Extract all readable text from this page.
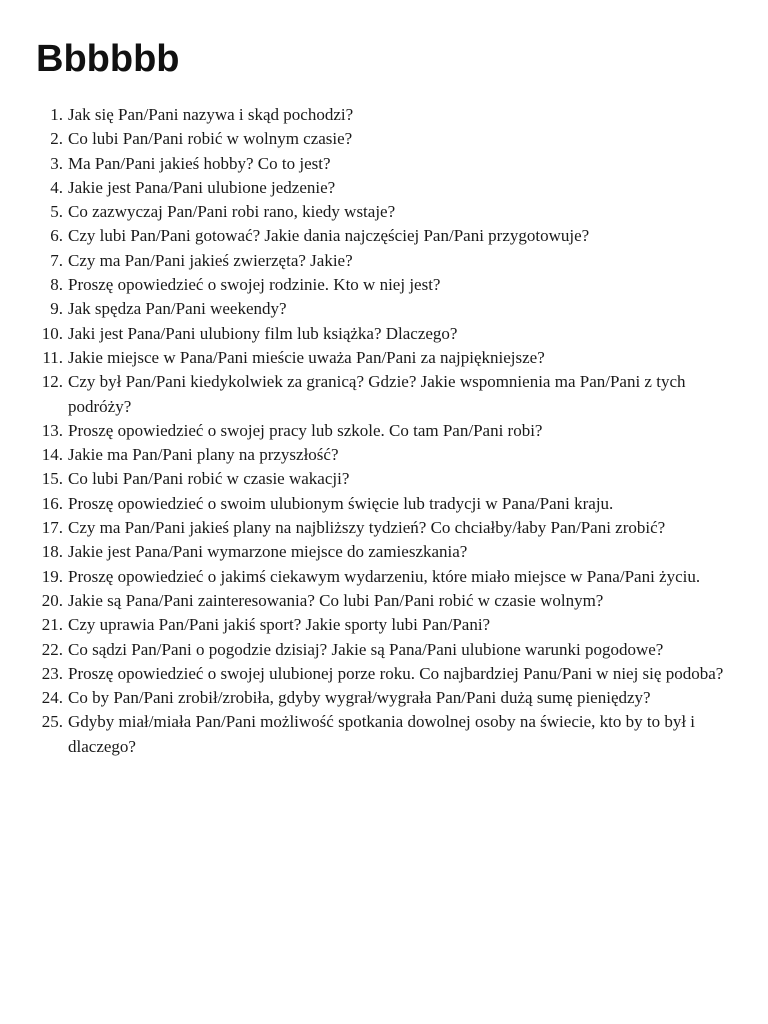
Bbbbbb
1. Jak się Pan/Pani nazywa i skąd pochodzi?
2. Co lubi Pan/Pani robić w wolnym czasie?
3. Ma Pan/Pani jakieś hobby? Co to jest?
4. Jakie jest Pana/Pani ulubione jedzenie?
5. Co zazwyczaj Pan/Pani robi rano, kiedy wstaje?
6. Czy lubi Pan/Pani gotować? Jakie dania najczęściej Pan/Pani przygotowuje?
7. Czy ma Pan/Pani jakieś zwierzęta? Jakie?
8. Proszę opowiedzieć o swojej rodzinie. Kto w niej jest?
9. Jak spędza Pan/Pani weekendy?
10. Jaki jest Pana/Pani ulubiony film lub książka? Dlaczego?
11. Jakie miejsce w Pana/Pani mieście uważa Pan/Pani za najpiękniejsze?
12. Czy był Pan/Pani kiedykolwiek za granicą? Gdzie? Jakie wspomnienia ma Pan/Pani z tych podróży?
13. Proszę opowiedzieć o swojej pracy lub szkole. Co tam Pan/Pani robi?
14. Jakie ma Pan/Pani plany na przyszłość?
15. Co lubi Pan/Pani robić w czasie wakacji?
16. Proszę opowiedzieć o swoim ulubionym święcie lub tradycji w Pana/Pani kraju.
17. Czy ma Pan/Pani jakieś plany na najbliższy tydzień? Co chciałby/łaby Pan/Pani zrobić?
18. Jakie jest Pana/Pani wymarzone miejsce do zamieszkania?
19. Proszę opowiedzieć o jakimś ciekawym wydarzeniu, które miało miejsce w Pana/Pani życiu.
20. Jakie są Pana/Pani zainteresowania? Co lubi Pan/Pani robić w czasie wolnym?
21. Czy uprawia Pan/Pani jakiś sport? Jakie sporty lubi Pan/Pani?
22. Co sądzi Pan/Pani o pogodzie dzisiaj? Jakie są Pana/Pani ulubione warunki pogodowe?
23. Proszę opowiedzieć o swojej ulubionej porze roku. Co najbardziej Panu/Pani w niej się podoba?
24. Co by Pan/Pani zrobił/zrobiła, gdyby wygrał/wygrała Pan/Pani dużą sumę pieniędzy?
25. Gdyby miał/miała Pan/Pani możliwość spotkania dowolnej osoby na świecie, kto by to był i dlaczego?
